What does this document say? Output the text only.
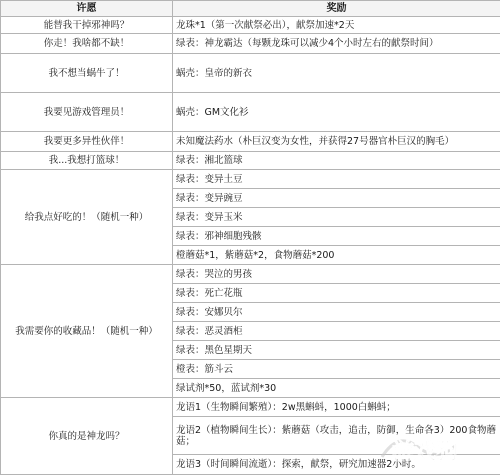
许愿	奖励
能替我干掉邪神吗？	龙珠*1（第一次献祭必出），献祭加速*2天
你走！我啥都不缺！	绿表：神龙霸达（每颗龙珠可以减少4个小时左右的献祭时间）
我不想当蜗牛了！	蜗壳：皇帝的新衣
我要见游戏管理员！	蜗壳：GM文化衫
我要更多异性伙伴！	未知魔法药水（朴巨汉变为女性，并获得27号器官朴巨汉的胸毛）
我...我想打篮球！	绿表：湘北篮球
给我点好吃的！（随机一种）	绿表：变异土豆
	绿表：变异豌豆
	绿表：变异玉米
	绿表：邪神细胞残骸
	橙蘑菇*1，紫蘑菇*2，食物蘑菇*200
我需要你的收藏品！（随机一种）	绿表：哭泣的男孩
	绿表：死亡花瓶
	绿表：安娜贝尔
	绿表：恶灵酒柜
	绿表：黑色星期天
	橙表：筋斗云
	绿试剂*50，蓝试剂*30
你真的是神龙吗？	龙语1（生物瞬间繁殖）：2w黑蝌蚪，1000白蝌蚪；
	龙语2（植物瞬间生长）：紫蘑菇（攻击，追击，防御，生命各3）200食物蘑菇；
	龙语3（时间瞬间流逝）：探索，献祭，研究加速器2小时。
游戏狗
